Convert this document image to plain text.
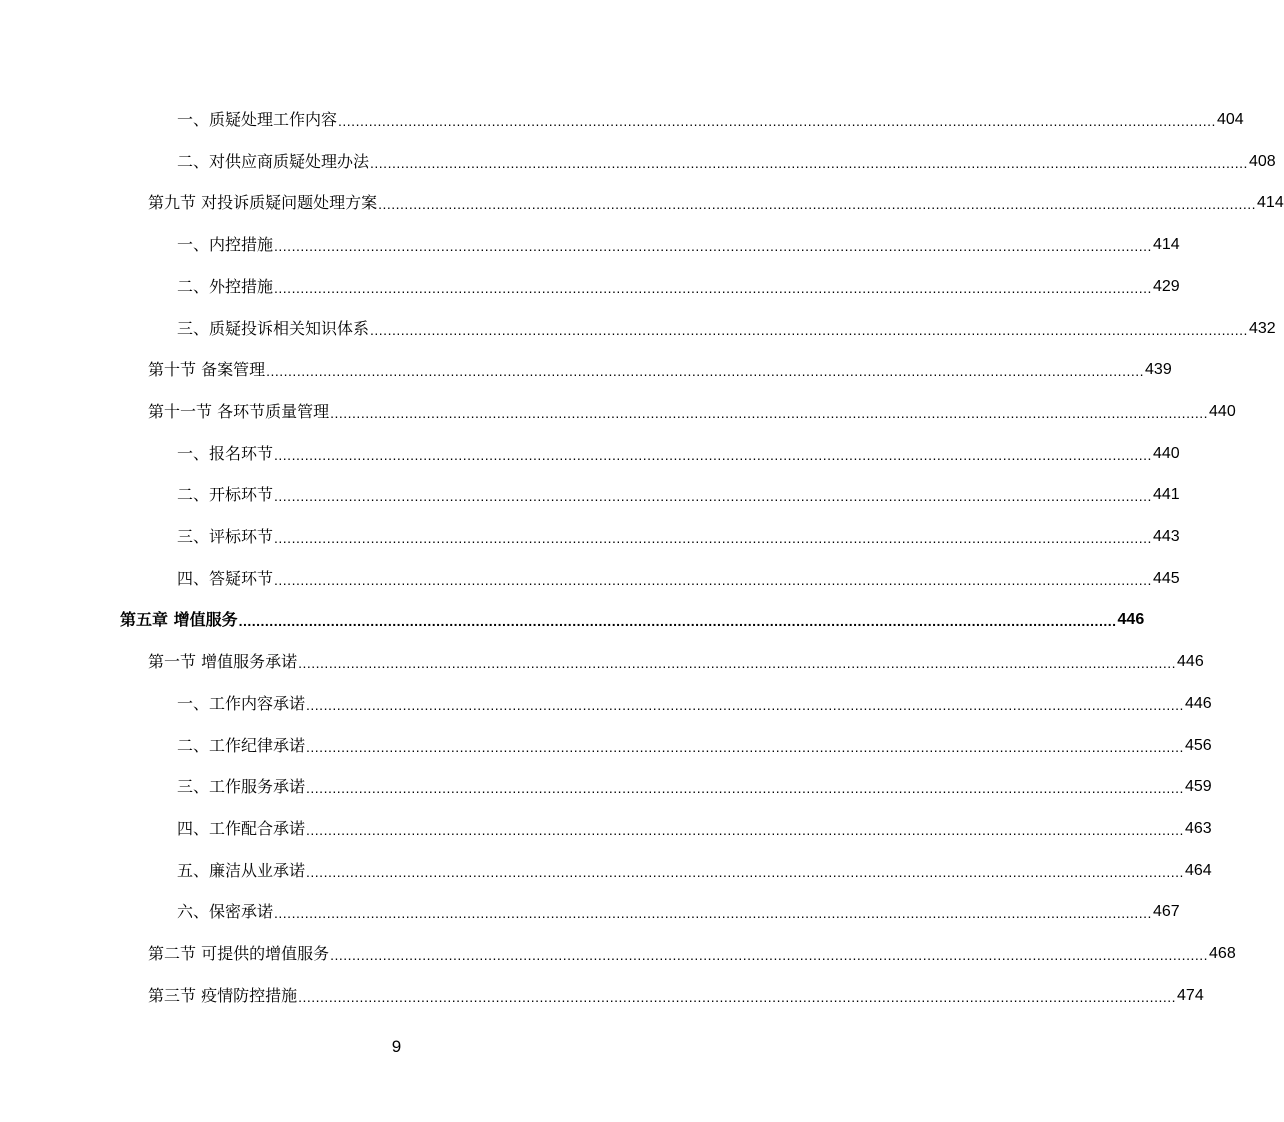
一、质疑处理工作内容 ........................................................................................................................................................................................................ 404
二、对供应商质疑处理办法 ........................................................................................................................................................................................................ 408
第九节 对投诉质疑问题处理方案 ........................................................................................................................................................................................................ 414
一、内控措施 ........................................................................................................................................................................................................ 414
二、外控措施 ........................................................................................................................................................................................................ 429
三、质疑投诉相关知识体系 ........................................................................................................................................................................................................ 432
第十节 备案管理 ........................................................................................................................................................................................................ 439
第十一节 各环节质量管理 ........................................................................................................................................................................................................ 440
一、报名环节 ........................................................................................................................................................................................................ 440
二、开标环节 ........................................................................................................................................................................................................ 441
三、评标环节 ........................................................................................................................................................................................................ 443
四、答疑环节 ........................................................................................................................................................................................................ 445
第五章 增值服务 ........................................................................................................................................................................................................ 446
第一节 增值服务承诺 ........................................................................................................................................................................................................ 446
一、工作内容承诺 ........................................................................................................................................................................................................ 446
二、工作纪律承诺 ........................................................................................................................................................................................................ 456
三、工作服务承诺 ........................................................................................................................................................................................................ 459
四、工作配合承诺 ........................................................................................................................................................................................................ 463
五、廉洁从业承诺 ........................................................................................................................................................................................................ 464
六、保密承诺 ........................................................................................................................................................................................................ 467
第二节 可提供的增值服务 ........................................................................................................................................................................................................ 468
第三节 疫情防控措施 ........................................................................................................................................................................................................ 474
9
